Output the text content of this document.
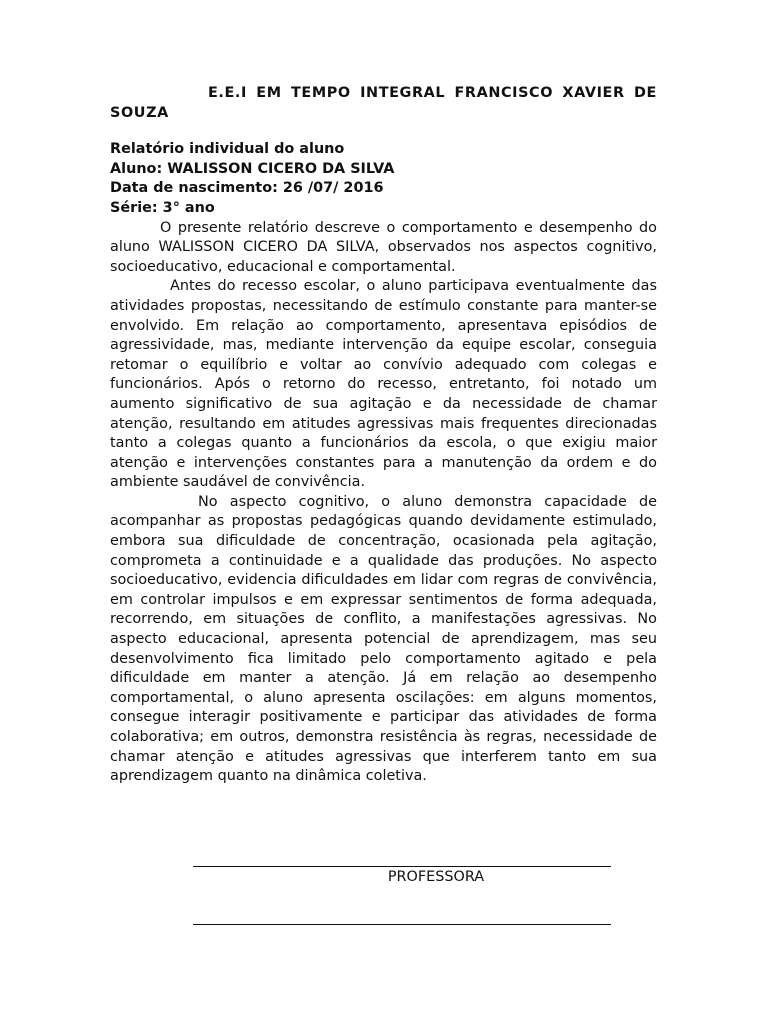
E.E.I EM TEMPO INTEGRAL FRANCISCO XAVIER DE SOUZA

Relatório individual do aluno

Aluno: WALISSON CICERO DA SILVA

Data de nascimento: 26 /07/ 2016

Série: 3° ano

O presente relatório descreve o comportamento e desempenho do aluno WALISSON CICERO DA SILVA, observados nos aspectos cognitivo, socioeducativo, educacional e comportamental.

Antes do recesso escolar, o aluno participava eventualmente das atividades propostas, necessitando de estímulo constante para manter-se envolvido. Em relação ao comportamento, apresentava episódios de agressividade, mas, mediante intervenção da equipe escolar, conseguia retomar o equilíbrio e voltar ao convívio adequado com colegas e funcionários. Após o retorno do recesso, entretanto, foi notado um aumento significativo de sua agitação e da necessidade de chamar atenção, resultando em atitudes agressivas mais frequentes direcionadas tanto a colegas quanto a funcionários da escola, o que exigiu maior atenção e intervenções constantes para a manutenção da ordem e do ambiente saudável de convivência.

No aspecto cognitivo, o aluno demonstra capacidade de acompanhar as propostas pedagógicas quando devidamente estimulado, embora sua dificuldade de concentração, ocasionada pela agitação, comprometa a continuidade e a qualidade das produções. No aspecto socioeducativo, evidencia dificuldades em lidar com regras de convivência, em controlar impulsos e em expressar sentimentos de forma adequada, recorrendo, em situações de conflito, a manifestações agressivas. No aspecto educacional, apresenta potencial de aprendizagem, mas seu desenvolvimento fica limitado pelo comportamento agitado e pela dificuldade em manter a atenção. Já em relação ao desempenho comportamental, o aluno apresenta oscilações: em alguns momentos, consegue interagir positivamente e participar das atividades de forma colaborativa; em outros, demonstra resistência às regras, necessidade de chamar atenção e atitudes agressivas que interferem tanto em sua aprendizagem quanto na dinâmica coletiva.

PROFESSORA
